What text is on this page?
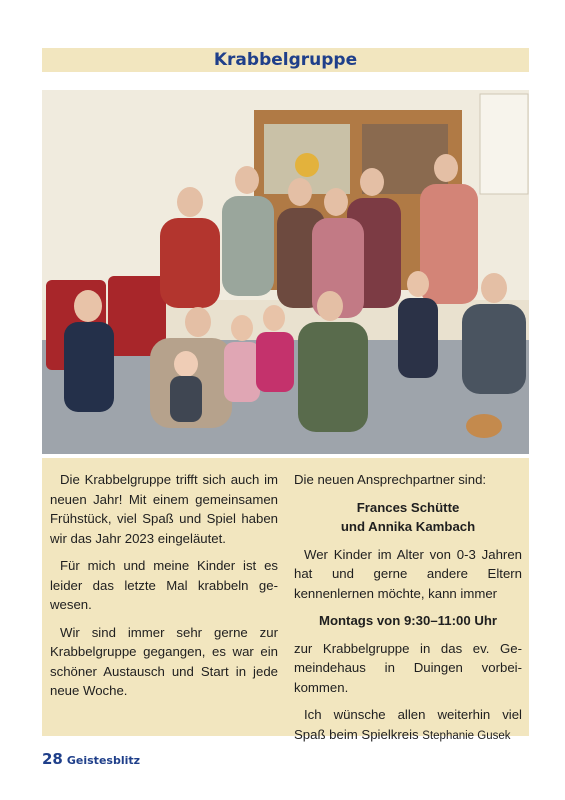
Krabbelgruppe

Die Krabbelgruppe trifft sich auch im neuen Jahr! Mit einem gemeinsamen Frühstück, viel Spaß und Spiel haben wir das Jahr 2023 eingeläutet.

Für mich und meine Kinder ist es leider das letzte Mal krabbeln gewesen.

Wir sind immer sehr gerne zur Krabbelgruppe gegangen, es war ein schöner Austausch und Start in jede neue Woche.

Die neuen Ansprechpartner sind:

Frances Schütte
und Annika Kambach

Wer Kinder im Alter von 0-3 Jahren hat und gerne andere Eltern kennenlernen möchte, kann immer

Montags von 9:30–11:00 Uhr

zur Krabbelgruppe in das ev. Gemeindehaus in Duingen vorbeikommen.

Ich wünsche allen weiterhin viel Spaß beim Spielkreis Stephanie Gusek

28 Geistesblitz
